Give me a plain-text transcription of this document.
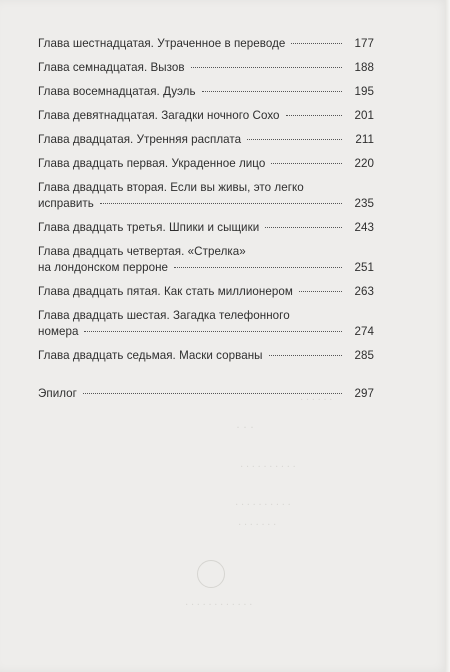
· · · · · ·
· · ·
· · · · · · · · · ·
· · · · · · · · · ·
· · · · · · ·
· · · · · · · · · · · ·
Глава шестнадцатая. Утраченное в переводе	177
Глава семнадцатая. Вызов	188
Глава восемнадцатая. Дуэль	195
Глава девятнадцатая. Загадки ночного Сохо	201
Глава двадцатая. Утренняя расплата	211
Глава двадцать первая. Украденное лицо	220
Глава двадцать вторая. Если вы живы, это легко
исправить	235
Глава двадцать третья. Шпики и сыщики	243
Глава двадцать четвертая. «Стрелка»
на лондонском перроне	251
Глава двадцать пятая. Как стать миллионером	263
Глава двадцать шестая. Загадка телефонного
номера	274
Глава двадцать седьмая. Маски сорваны	285
Эпилог	297
